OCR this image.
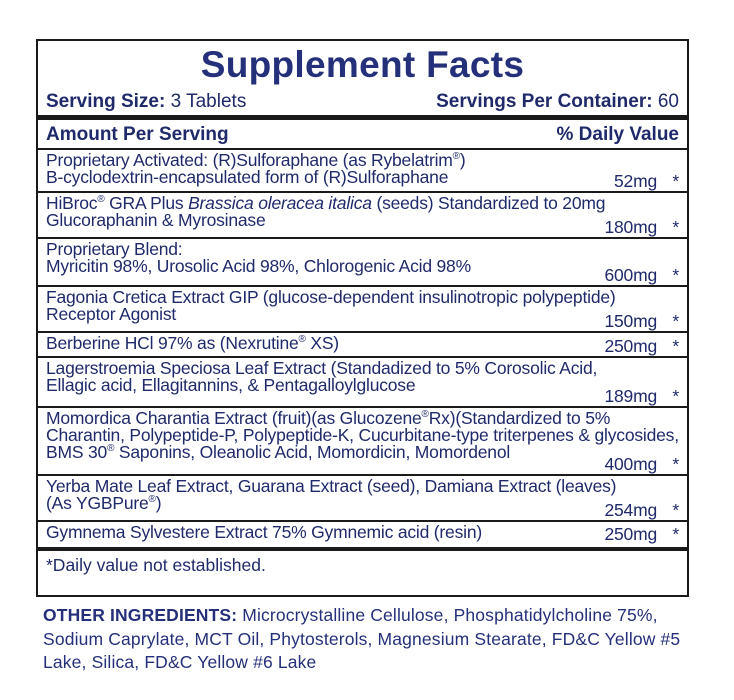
Supplement Facts
Serving Size: 3 Tablets	Servings Per Container: 60
Amount Per Serving	% Daily Value
Proprietary Activated: (R)Sulforaphane (as Rybelatrim®)
B-cyclodextrin-encapsulated form of (R)Sulforaphane	52mg *
HiBroc® GRA Plus Brassica oleracea italica (seeds) Standardized to 20mg
Glucoraphanin & Myrosinase	180mg *
Proprietary Blend:
Myricitin 98%, Urosolic Acid 98%, Chlorogenic Acid 98%	600mg *
Fagonia Cretica Extract GIP (glucose-dependent insulinotropic polypeptide)
Receptor Agonist	150mg *
Berberine HCl 97% as (Nexrutine® XS)	250mg *
Lagerstroemia Speciosa Leaf Extract (Standadized to 5% Corosolic Acid,
Ellagic acid, Ellagitannins, & Pentagalloylglucose
189mg *
Momordica Charantia Extract (fruit)(as Glucozene®Rx)(Standardized to 5%
Charantin, Polypeptide-P, Polypeptide-K, Cucurbitane-type triterpenes & glycosides,
BMS 30® Saponins, Oleanolic Acid, Momordicin, Momordenol
400mg *
Yerba Mate Leaf Extract, Guarana Extract (seed), Damiana Extract (leaves)
(As YGBPure®)	254mg *
Gymnema Sylvestere Extract 75% Gymnemic acid (resin)	250mg *
*Daily value not established.
OTHER INGREDIENTS: Microcrystalline Cellulose, Phosphatidylcholine 75%, Sodium Caprylate, MCT Oil, Phytosterols, Magnesium Stearate, FD&C Yellow #5 Lake, Silica, FD&C Yellow #6 Lake
